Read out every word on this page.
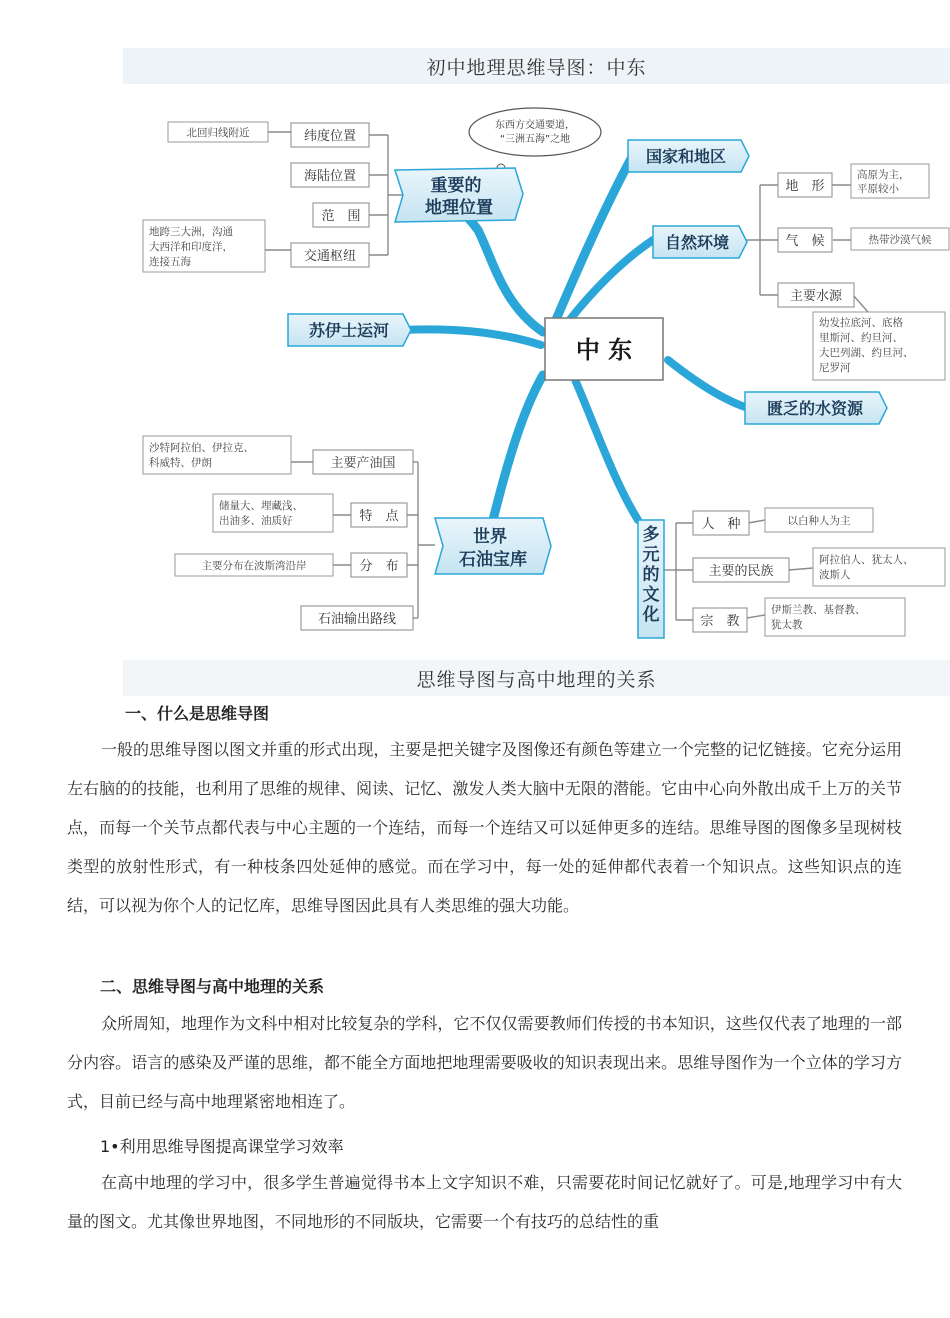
初中地理思维导图：中东
东西方交通要道，“三洲五海”之地
中 东
重要的 地理位置
国家和地区
自然环境
苏伊士运河
匮乏的水资源
世界 石油宝库
多元的文化
纬度位置
海陆位置
范　围
交通枢纽
地　形
气　候
主要水源
主要产油国
特　点
分　布
石油输出路线
人　种
主要的民族
宗　教
北回归线附近
地跨三大洲，沟通大西洋和印度洋，连接五海
高原为主，平原较小
热带沙漠气候
幼发拉底河、底格里斯河、约旦河、大巴列湖、约旦河、尼罗河
沙特阿拉伯、伊拉克、科威特、伊朗
储量大、埋藏浅、出油多、油质好
主要分布在波斯湾沿岸
以白种人为主
阿拉伯人、犹太人、波斯人
伊斯兰教、基督教、犹太教
思维导图与高中地理的关系
一、什么是思维导图
一般的思维导图以图文并重的形式出现，主要是把关键字及图像还有颜色等建立一个完整的记忆链接。它充分运用左右脑的的技能，也利用了思维的规律、阅读、记忆、激发人类大脑中无限的潜能。它由中心向外散出成千上万的关节点，而每一个关节点都代表与中心主题的一个连结，而每一个连结又可以延伸更多的连结。思维导图的图像多呈现树枝类型的放射性形式，有一种枝条四处延伸的感觉。而在学习中，每一处的延伸都代表着一个知识点。这些知识点的连结，可以视为你个人的记忆库，思维导图因此具有人类思维的强大功能。
二、思维导图与高中地理的关系
众所周知，地理作为文科中相对比较复杂的学科，它不仅仅需要教师们传授的书本知识，这些仅代表了地理的一部分内容。语言的感染及严谨的思维，都不能全方面地把地理需要吸收的知识表现出来。思维导图作为一个立体的学习方式，目前已经与高中地理紧密地相连了。
1•利用思维导图提高课堂学习效率
在高中地理的学习中，很多学生普遍觉得书本上文字知识不难，只需要花时间记忆就好了。可是,地理学习中有大量的图文。尤其像世界地图，不同地形的不同版块，它需要一个有技巧的总结性的重
